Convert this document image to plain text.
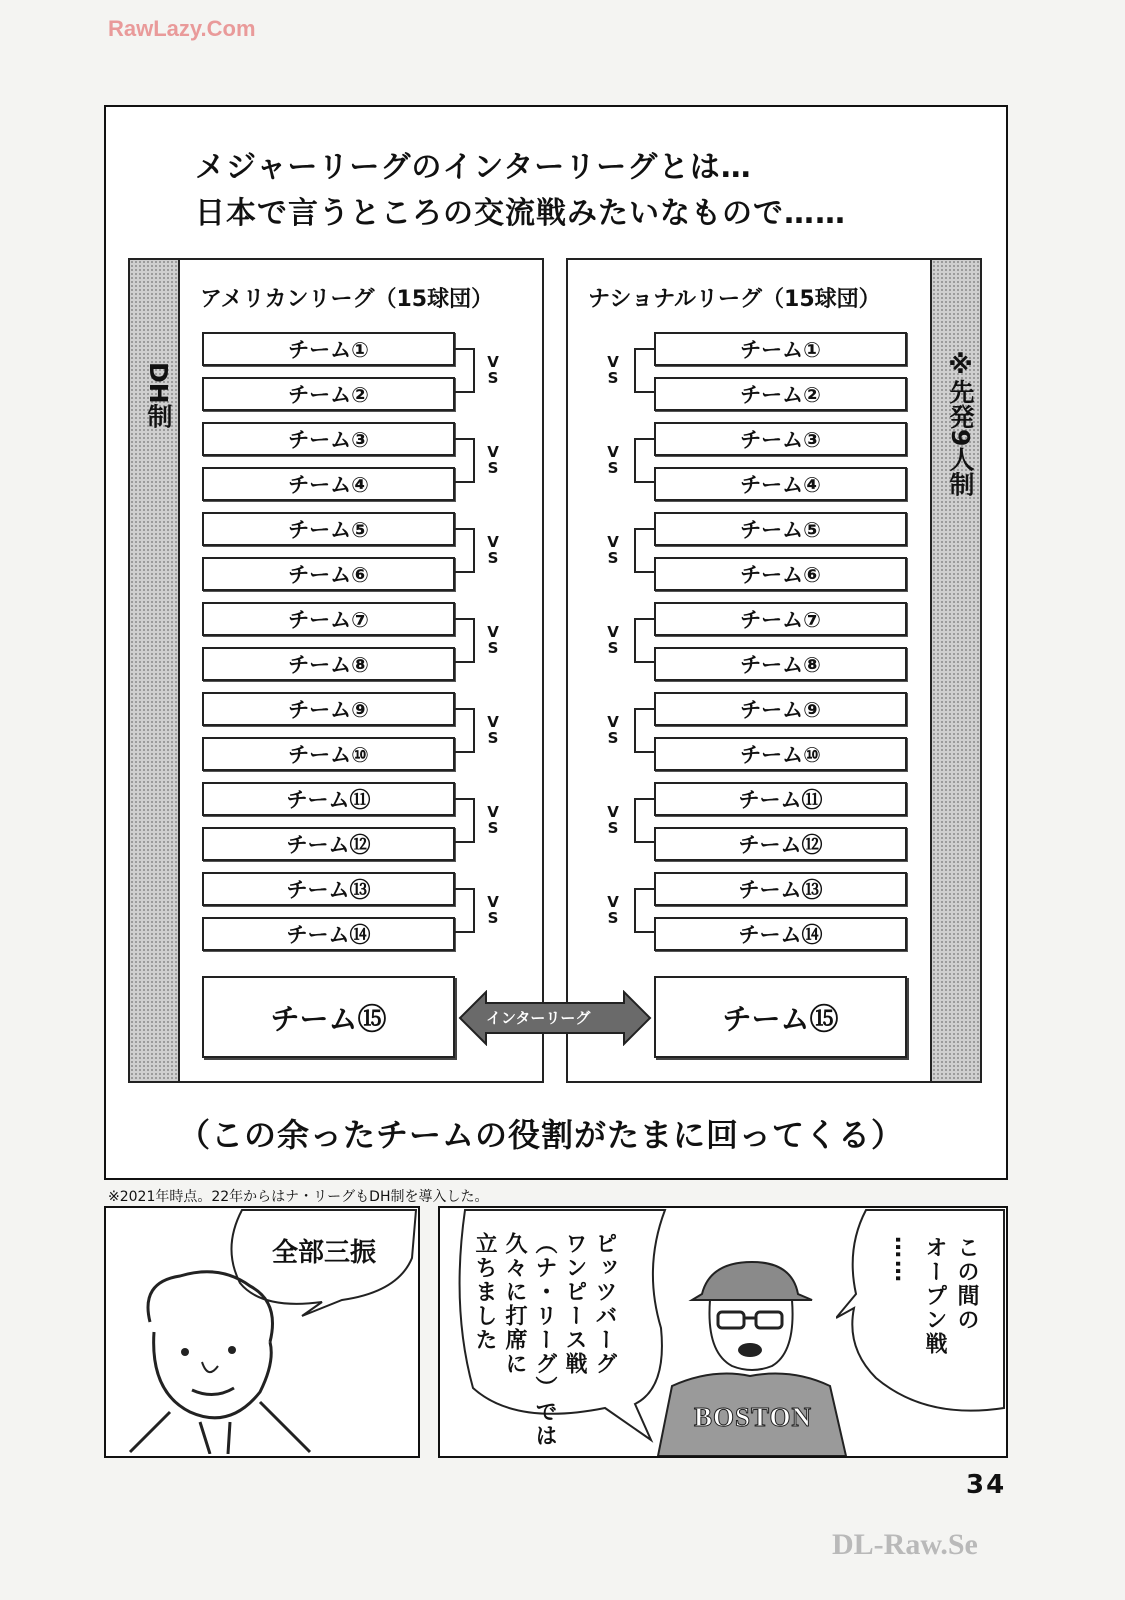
RawLazy.Com
メジャーリーグのインターリーグとは…
日本で言うところの交流戦みたいなもので……
DH制
アメリカンリーグ（15球団）
チーム①
チーム②
チーム③
チーム④
チーム⑤
チーム⑥
チーム⑦
チーム⑧
チーム⑨
チーム⑩
チーム⑪
チーム⑫
チーム⑬
チーム⑭
V
S
V
S
V
S
V
S
V
S
V
S
V
S
チーム⑮
※先発9人制
ナショナルリーグ（15球団）
チーム①
チーム②
チーム③
チーム④
チーム⑤
チーム⑥
チーム⑦
チーム⑧
チーム⑨
チーム⑩
チーム⑪
チーム⑫
チーム⑬
チーム⑭
V
S
V
S
V
S
V
S
V
S
V
S
V
S
チーム⑮
インターリーグ
（この余ったチームの役割がたまに回ってくる）
※2021年時点。22年からはナ・リーグもDH制を導入した。
全部三振	ピッツバーグ
ワンピース戦
（ナ・リーグ）では
久々に打席に
立ちました
BOSTON
この間の
オープン戦
……
34
DL-Raw.Se
